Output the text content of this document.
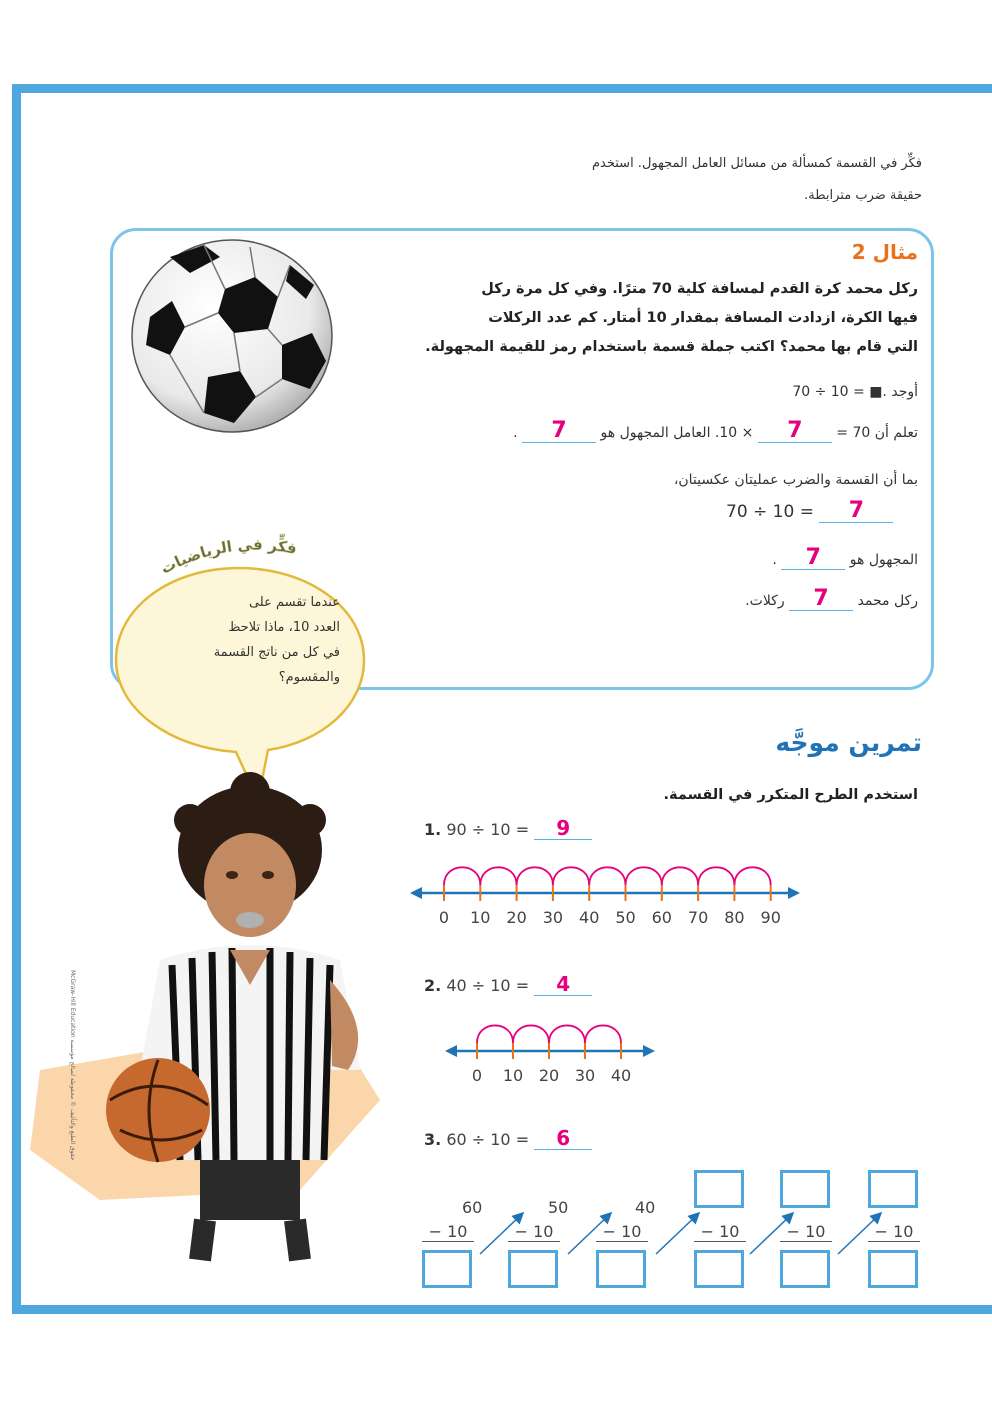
فكِّر في القسمة كمسألة من مسائل العامل المجهول. استخدم
حقيقة ضرب مترابطة.
مثال 2
ركل محمد كرة القدم لمسافة كلية 70 مترًا. وفي كل مرة ركل
فيها الكرة، ازدادت المسافة بمقدار 10 أمتار. كم عدد الركلات
التي قام بها محمد؟ اكتب جملة قسمة باستخدام رمز للقيمة المجهولة.
أوجد 70 ÷ 10 = ■.
تعلم أن 70 = 7 × 10. العامل المجهول هو 7 .
بما أن القسمة والضرب عمليتان عكسيتان،
70 ÷ 10 = 7
المجهول هو 7 .
ركل محمد 7 ركلات.
فكِّر في الرياضيات
عندما تقسم على
العدد 10، ماذا تلاحظ
في كل من ناتج القسمة
والمقسوم؟
McGraw-Hill Education حقوق الطبع والتأليف © محفوظة لصالح مؤسسة
تمرين موجَّه
استخدم الطرح المتكرر في القسمة.
1. 90 ÷ 10 = 9
0 10 20 30 40 50 60 70 80 90
2. 40 ÷ 10 = 4
0 10 20 30 40
3. 60 ÷ 10 = 6
60	50	40
− 10	− 10	− 10	− 10	− 10	− 10
